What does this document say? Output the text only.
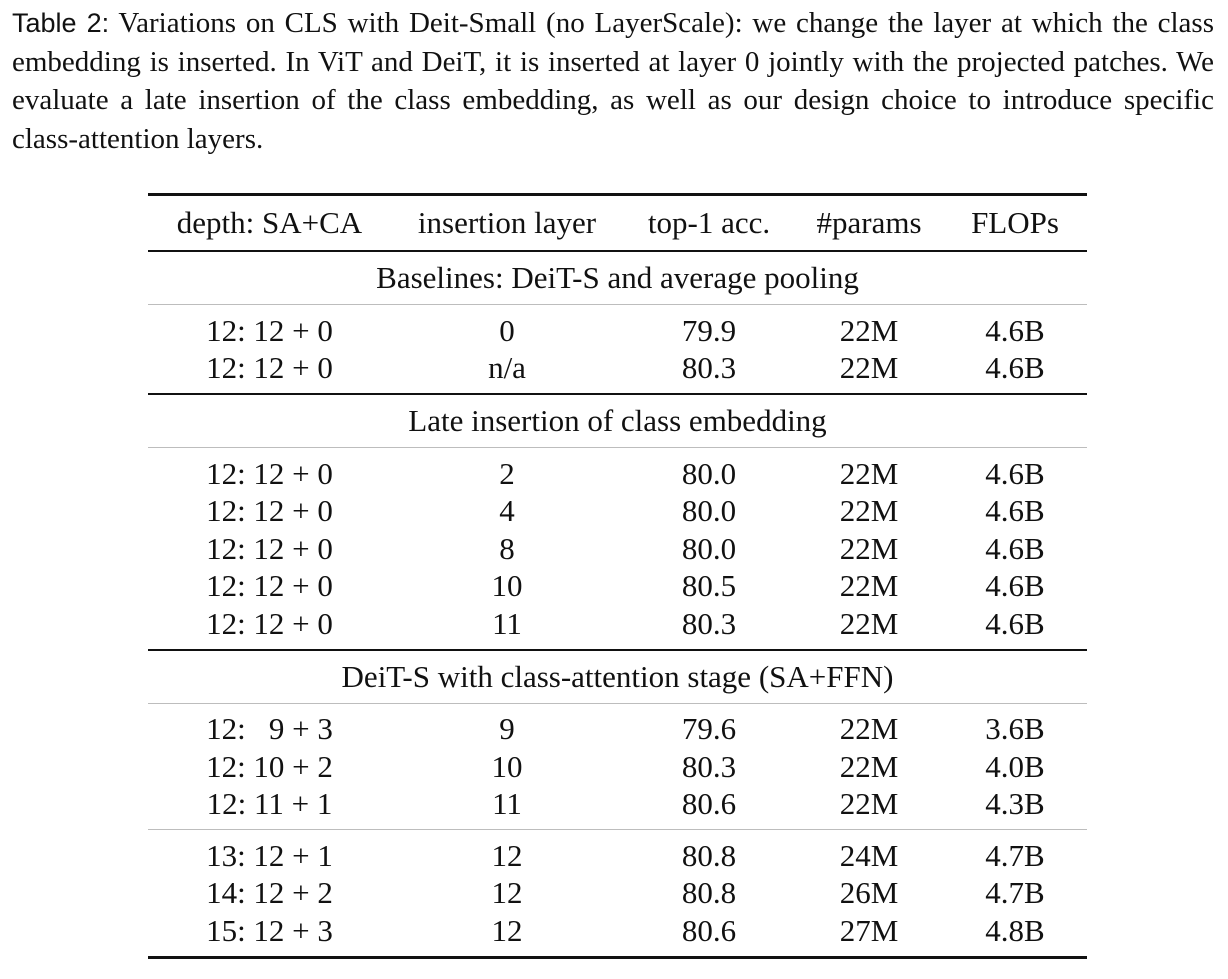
Table 2: Variations on CLS with Deit-Small (no LayerScale): we change the layer at which the class embedding is inserted. In ViT and DeiT, it is inserted at layer 0 jointly with the projected patches. We evaluate a late insertion of the class embedding, as well as our design choice to introduce specific class-attention layers.

depth: SA+CA	insertion layer	top-1 acc.	#params	FLOPs
Baselines: DeiT-S and average pooling				
12: 12 + 0	0	79.9	22M	4.6B
12: 12 + 0	n/a	80.3	22M	4.6B
Late insertion of class embedding				
12: 12 + 0	2	80.0	22M	4.6B
12: 12 + 0	4	80.0	22M	4.6B
12: 12 + 0	8	80.0	22M	4.6B
12: 12 + 0	10	80.5	22M	4.6B
12: 12 + 0	11	80.3	22M	4.6B
DeiT-S with class-attention stage (SA+FFN)				
12:   9 + 3	9	79.6	22M	3.6B
12: 10 + 2	10	80.3	22M	4.0B
12: 11 + 1	11	80.6	22M	4.3B
13: 12 + 1	12	80.8	24M	4.7B
14: 12 + 2	12	80.8	26M	4.7B
15: 12 + 3	12	80.6	27M	4.8B
